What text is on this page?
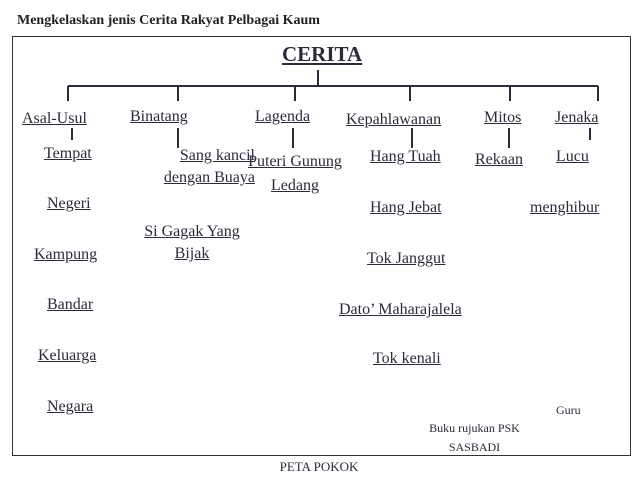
Mengkelaskan jenis Cerita Rakyat Pelbagai Kaum
CERITA
Asal-Usul	Binatang	Lagenda Kepahlawanan	Mitos Jenaka
Tempat
Negeri
Kampung
Bandar
Keluarga
Negara
Sang kancil dengan Buaya
Si Gagak Yang Bijak
Puteri Gunung Ledang
Hang Tuah
Hang Jebat
Tok Janggut
Dato’ Maharajalela
Tok kenali
Rekaan Lucu
menghibur
Buku rujukan PSK
SASBADI
Guru
PETA POKOK
